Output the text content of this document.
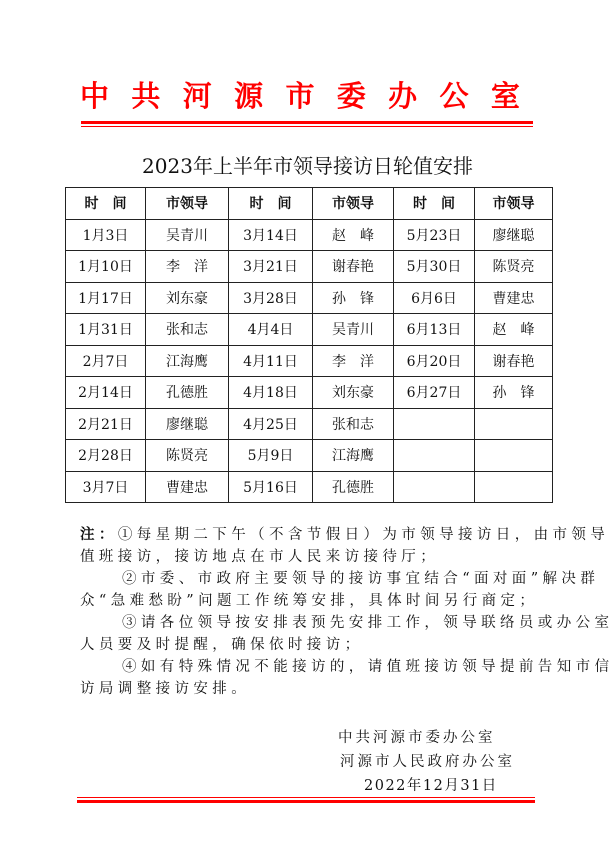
中 共 河 源 市 委 办 公 室
2023年上半年市领导接访日轮值安排
时　间	市领导	时　间	市领导	时　间	市领导
1月3日	吴青川	3月14日	赵　峰	5月23日	廖继聪
1月10日	李　洋	3月21日	谢春艳	5月30日	陈贤亮
1月17日	刘东豪	3月28日	孙　锋	6月6日	曹建忠
1月31日	张和志	4月4日	吴青川	6月13日	赵　峰
2月7日	江海鹰	4月11日	李　洋	6月20日	谢春艳
2月14日	孔德胜	4月18日	刘东豪	6月27日	孙　锋
2月21日	廖继聪	4月25日	张和志		
2月28日	陈贤亮	5月9日	江海鹰		
3月7日	曹建忠	5月16日	孔德胜		
注：①每星期二下午（不含节假日）为市领导接访日，由市领导
值班接访，接访地点在市人民来访接待厅；
②市委、市政府主要领导的接访事宜结合“面对面”解决群
众“急难愁盼”问题工作统筹安排，具体时间另行商定；
③请各位领导按安排表预先安排工作，领导联络员或办公室
人员要及时提醒，确保依时接访；
④如有特殊情况不能接访的，请值班接访领导提前告知市信
访局调整接访安排。
中共河源市委办公室
河源市人民政府办公室
2022年12月31日
